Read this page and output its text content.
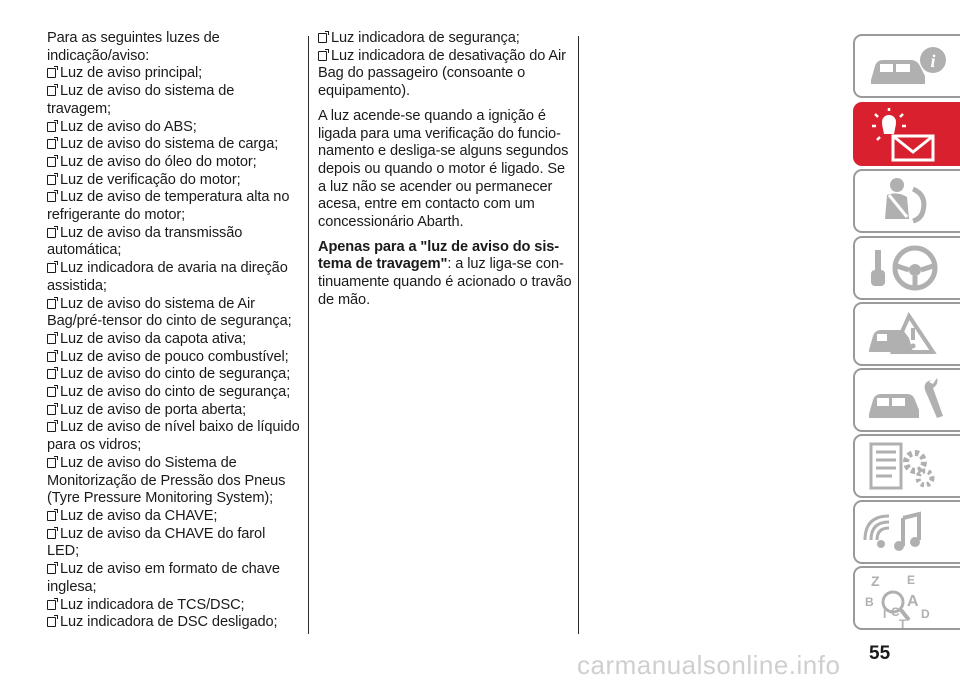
Para as seguintes luzes de
indicação/aviso:
Luz de aviso principal;
Luz de aviso do sistema de
travagem;
Luz de aviso do ABS;
Luz de aviso do sistema de carga;
Luz de aviso do óleo do motor;
Luz de verificação do motor;
Luz de aviso de temperatura alta no
refrigerante do motor;
Luz de aviso da transmissão
automática;
Luz indicadora de avaria na direção
assistida;
Luz de aviso do sistema de Air
Bag/pré-tensor do cinto de segurança;
Luz de aviso da capota ativa;
Luz de aviso de pouco combustível;
Luz de aviso do cinto de segurança;
Luz de aviso do cinto de segurança;
Luz de aviso de porta aberta;
Luz de aviso de nível baixo de líquido
para os vidros;
Luz de aviso do Sistema de
Monitorização de Pressão dos Pneus
(Tyre Pressure Monitoring System);
Luz de aviso da CHAVE;
Luz de aviso da CHAVE do farol
LED;
Luz de aviso em formato de chave
inglesa;
Luz indicadora de TCS/DSC;
Luz indicadora de DSC desligado;

Luz indicadora de segurança;
Luz indicadora de desativação do Air
Bag do passageiro (consoante o
equipamento).

A luz acende-se quando a ignição é
ligada para uma verificação do funcio-
namento e desliga-se alguns segundos
depois ou quando o motor é ligado. Se
a luz não se acender ou permanecer
acesa, entre em contacto com um
concessionário Abarth.

Apenas para a "luz de aviso do sis-
tema de travagem": a luz liga-se con-
tinuamente quando é acionado o travão
de mão.

i
Z E
B A
I C D
T
55
carmanualsonline.info
